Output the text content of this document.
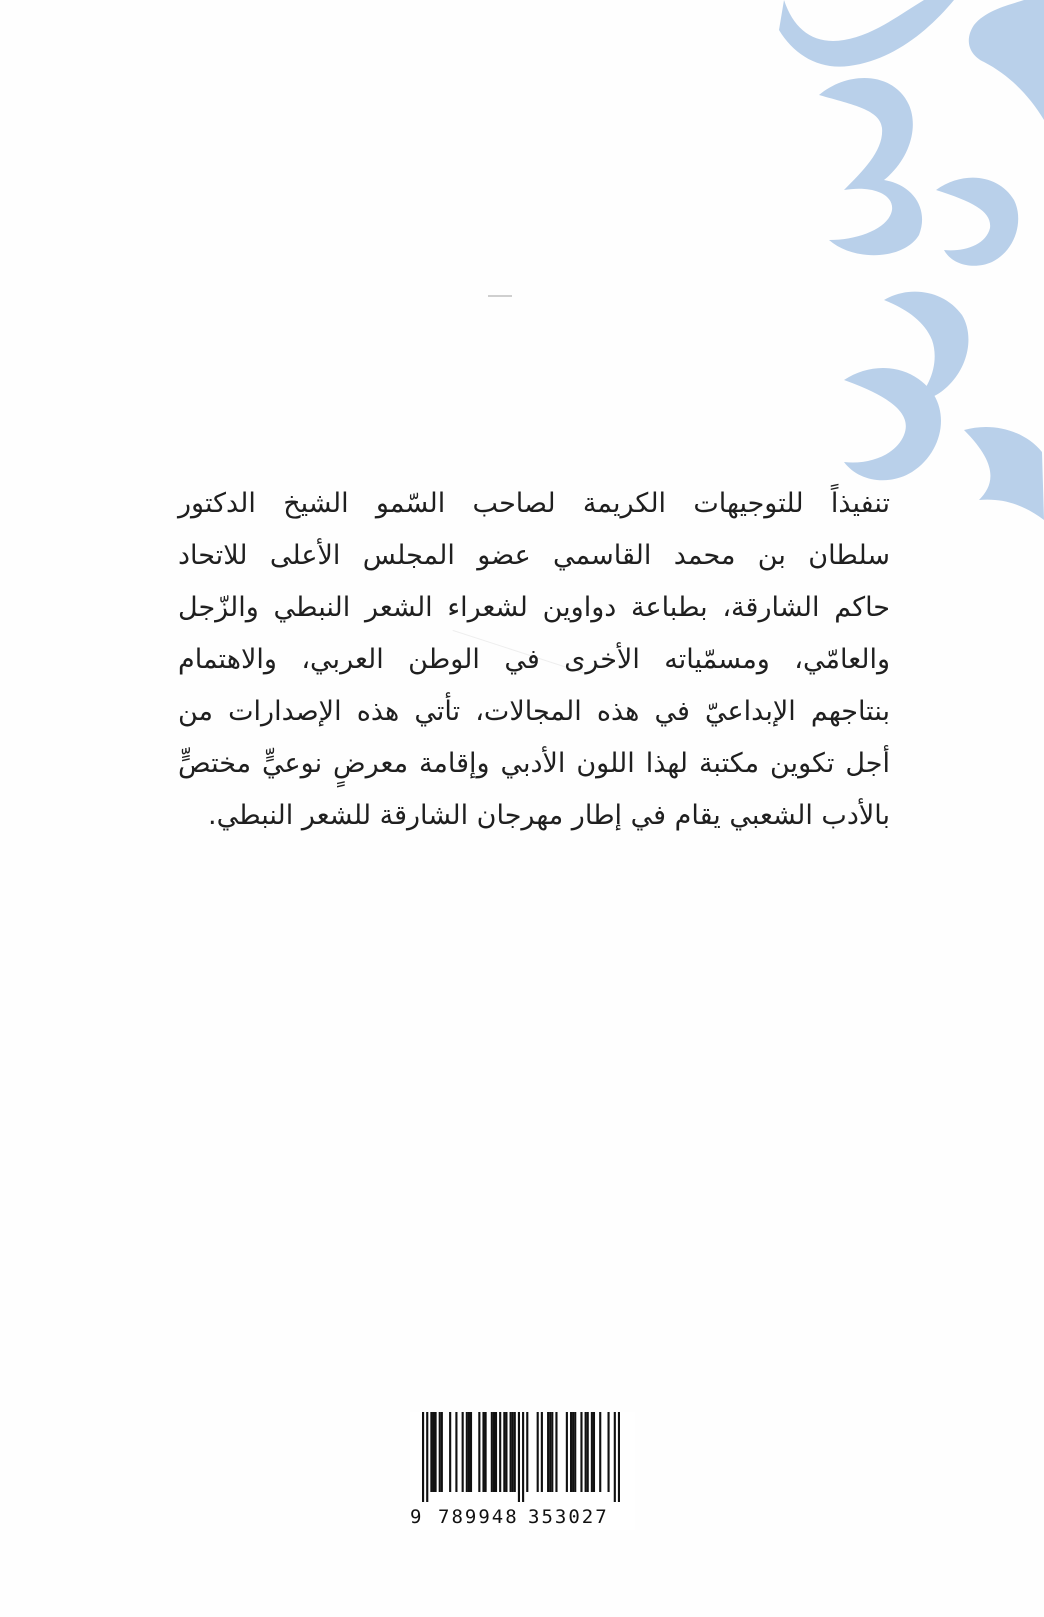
تنفيذاً للتوجيهات الكريمة لصاحب السّمو الشيخ الدكتور
سلطان بن محمد القاسمي عضو المجلس الأعلى للاتحاد
حاكم الشارقة، بطباعة دواوين لشعراء الشعر النبطي والزّجل
والعامّي، ومسمّياته الأخرى في الوطن العربي، والاهتمام
بنتاجهم الإبداعيّ في هذه المجالات، تأتي هذه الإصدارات من
أجل تكوين مكتبة لهذا اللون الأدبي وإقامة معرضٍ نوعيٍّ مختصٍّ
بالأدب الشعبي يقام في إطار مهرجان الشارقة للشعر النبطي.
9 789948 353027
